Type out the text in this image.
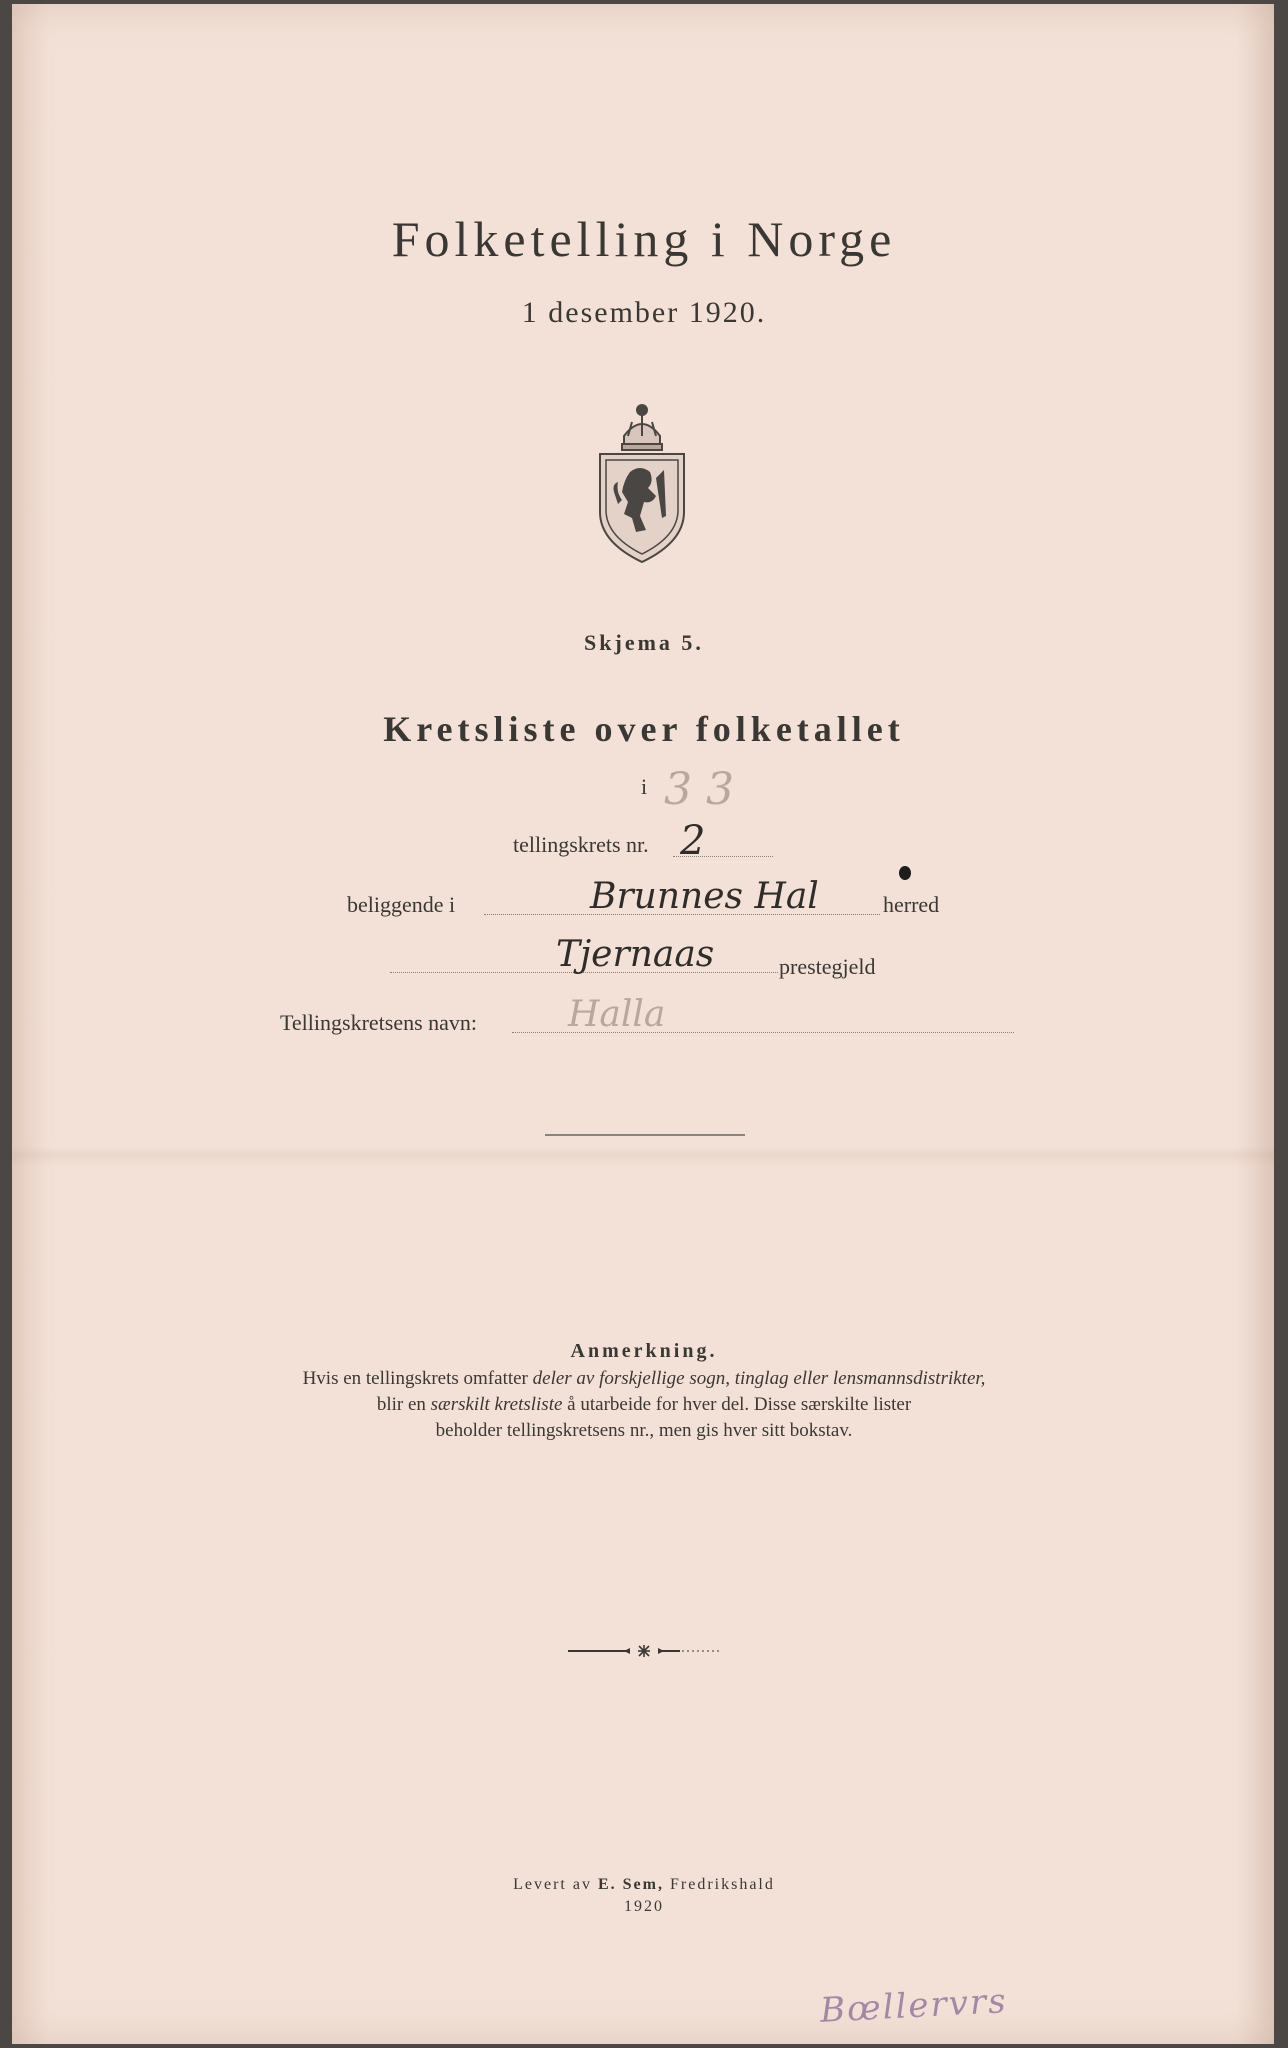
Folketelling i Norge
1 desember 1920.
Skjema 5.
Kretsliste over folketallet
i 3 3
tellingskrets nr. 2
beliggende i	Brunnes Hal	herred
Tjernaas	prestegjeld
Tellingskretsens navn:	Halla
Anmerkning.
Hvis en tellingskrets omfatter deler av forskjellige sogn, tinglag eller lensmannsdistrikter,
blir en særskilt kretsliste å utarbeide for hver del. Disse særskilte lister
beholder tellingskretsens nr., men gis hver sitt bokstav.
Levert av E. Sem, Fredrikshald
1920
Bœllervrs
